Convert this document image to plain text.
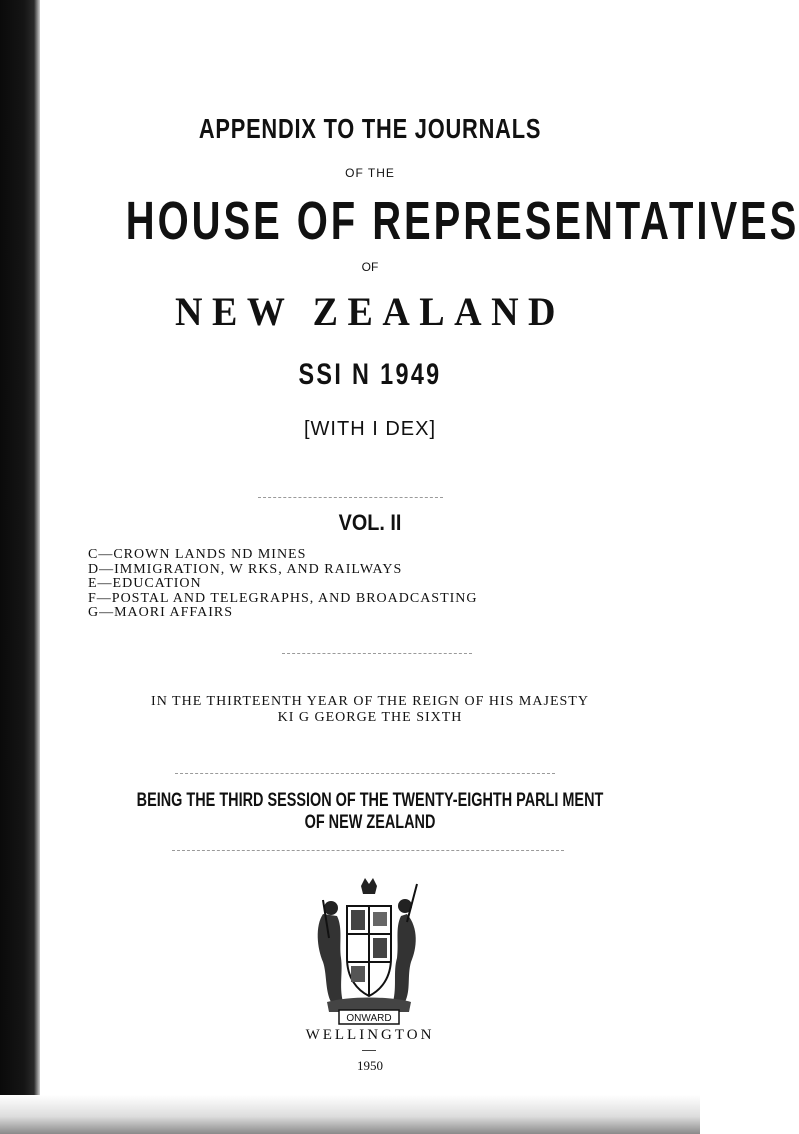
APPENDIX TO THE JOURNALS
OF THE
HOUSE OF REPRESENTATIVES
OF
NEW ZEALAND
SSI N 1949
[WITH I DEX]
VOL. II
C—CROWN LANDS ND MINES
D—IMMIGRATION, W RKS, AND RAILWAYS
E—EDUCATION
F—POSTAL AND TELEGRAPHS, AND BROADCASTING
G—MAORI AFFAIRS
IN THE THIRTEENTH YEAR OF THE REIGN OF HIS MAJESTY
KI G GEORGE THE SIXTH
BEING THE THIRD SESSION OF THE TWENTY-EIGHTH PARLI MENT
OF NEW ZEALAND
ONWARD
WELLINGTON
1950
